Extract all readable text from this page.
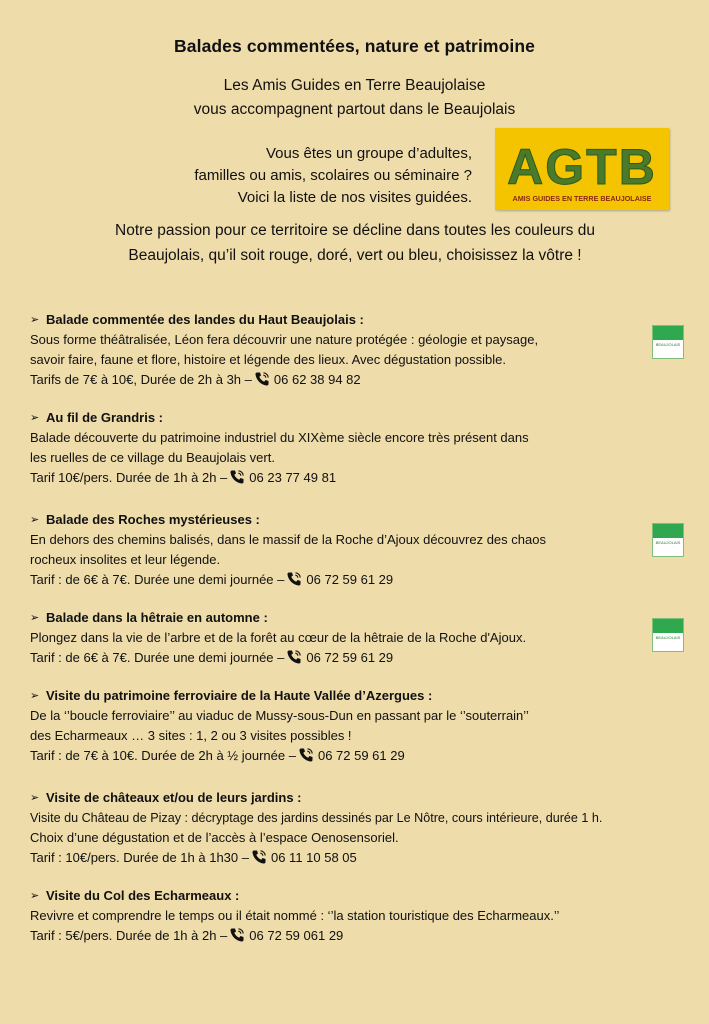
Balades commentées, nature et patrimoine
Les Amis Guides en Terre Beaujolaise
vous accompagnent partout dans le Beaujolais
Vous êtes un groupe d’adultes,
familles ou amis, scolaires ou séminaire ?
Voici la liste de nos visites guidées.
AGTB
AMIS GUIDES EN TERRE BEAUJOLAISE
Notre passion pour ce territoire se décline dans toutes les couleurs du
Beaujolais, qu’il soit rouge, doré, vert ou bleu, choisissez la vôtre !
➢ Balade commentée des landes du Haut Beaujolais :
Sous forme théâtralisée, Léon fera découvrir une nature protégée : géologie et paysage,
savoir faire, faune et flore, histoire et légende des lieux. Avec dégustation possible.
Tarifs de 7€ à 10€, Durée de 2h à 3h – 06 62 38 94 82
➢ Au fil de Grandris :
Balade découverte du patrimoine industriel du XIXème siècle encore très présent dans
les ruelles de ce village du Beaujolais vert.
Tarif 10€/pers. Durée de 1h à 2h – 06 23 77 49 81
➢ Balade des Roches mystérieuses :
En dehors des chemins balisés, dans le massif de la Roche d’Ajoux découvrez des chaos
rocheux insolites et leur légende.
Tarif : de 6€ à 7€. Durée une demi journée – 06 72 59 61 29
➢ Balade dans la hêtraie en automne :
Plongez dans la vie de l’arbre et de la forêt au cœur de la hêtraie de la Roche d'Ajoux.
Tarif : de 6€ à 7€. Durée une demi journée – 06 72 59 61 29
➢ Visite du patrimoine ferroviaire de la Haute Vallée d’Azergues :
De la ‘’boucle ferroviaire’’ au viaduc de Mussy-sous-Dun en passant par le ‘’souterrain’’
des Echarmeaux … 3 sites : 1, 2 ou 3 visites possibles !
Tarif : de 7€ à 10€. Durée de 2h à ½ journée – 06 72 59 61 29
➢ Visite de châteaux et/ou de leurs jardins :
Visite du Château de Pizay : décryptage des jardins dessinés par Le Nôtre, cours intérieure, durée 1 h.
Choix d’une dégustation et de l’accès à l’espace Oenosensoriel.
Tarif : 10€/pers. Durée de 1h à 1h30 – 06 11 10 58 05
➢ Visite du Col des Echarmeaux :
Revivre et comprendre le temps ou il était nommé : ‘’la station touristique des Echarmeaux.’’
Tarif : 5€/pers. Durée de 1h à 2h – 06 72 59 061 29
BEAUJOLAIS
BEAUJOLAIS
BEAUJOLAIS
